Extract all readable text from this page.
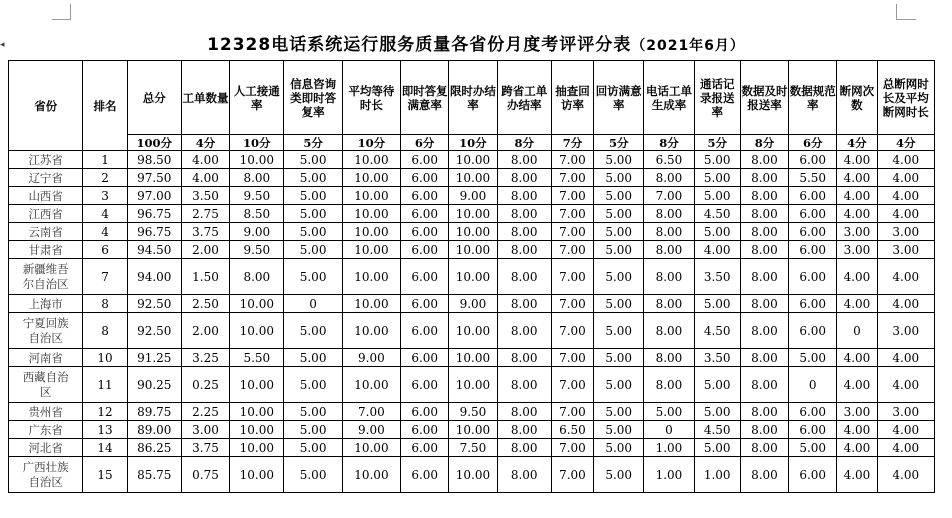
◂	12328电话系统运行服务质量各省份月度考评评分表（2021年6月）
省份	排名	总分	工单数量	人工接通率	信息咨询类即时答复率	平均等待时长	即时答复满意率	限时办结率	跨省工单办结率	抽查回访率	回访满意率	电话工单生成率	通话记录报送率	数据及时报送率	数据规范率	断网次数	总断网时长及平均断网时长
		100分	4分	10分	5分	10分	6分	10分	8分	7分	5分	8分	5分	8分	6分	4分	4分
江苏省	1	98.50	4.00	10.00	5.00	10.00	6.00	10.00	8.00	7.00	5.00	6.50	5.00	8.00	6.00	4.00	4.00
辽宁省	2	97.50	4.00	8.00	5.00	10.00	6.00	10.00	8.00	7.00	5.00	8.00	5.00	8.00	5.50	4.00	4.00
山西省	3	97.00	3.50	9.50	5.00	10.00	6.00	9.00	8.00	7.00	5.00	7.00	5.00	8.00	6.00	4.00	4.00
江西省	4	96.75	2.75	8.50	5.00	10.00	6.00	10.00	8.00	7.00	5.00	8.00	4.50	8.00	6.00	4.00	4.00
云南省	4	96.75	3.75	9.00	5.00	10.00	6.00	10.00	8.00	7.00	5.00	8.00	5.00	8.00	6.00	3.00	3.00
甘肃省	6	94.50	2.00	9.50	5.00	10.00	6.00	10.00	8.00	7.00	5.00	8.00	4.00	8.00	6.00	3.00	3.00
新疆维吾尔自治区	7	94.00	1.50	8.00	5.00	10.00	6.00	10.00	8.00	7.00	5.00	8.00	3.50	8.00	6.00	4.00	4.00
上海市	8	92.50	2.50	10.00	0	10.00	6.00	9.00	8.00	7.00	5.00	8.00	5.00	8.00	6.00	4.00	4.00
宁夏回族自治区	8	92.50	2.00	10.00	5.00	10.00	6.00	10.00	8.00	7.00	5.00	8.00	4.50	8.00	6.00	0	3.00
河南省	10	91.25	3.25	5.50	5.00	9.00	6.00	10.00	8.00	7.00	5.00	8.00	3.50	8.00	5.00	4.00	4.00
西藏自治区	11	90.25	0.25	10.00	5.00	10.00	6.00	10.00	8.00	7.00	5.00	8.00	5.00	8.00	0	4.00	4.00
贵州省	12	89.75	2.25	10.00	5.00	7.00	6.00	9.50	8.00	7.00	5.00	5.00	5.00	8.00	6.00	3.00	3.00
广东省	13	89.00	3.00	10.00	5.00	9.00	6.00	10.00	8.00	6.50	5.00	0	4.50	8.00	6.00	4.00	4.00
河北省	14	86.25	3.75	10.00	5.00	10.00	6.00	7.50	8.00	7.00	5.00	1.00	5.00	8.00	5.00	4.00	4.00
广西壮族自治区	15	85.75	0.75	10.00	5.00	10.00	6.00	10.00	8.00	7.00	5.00	1.00	1.00	8.00	6.00	4.00	4.00
